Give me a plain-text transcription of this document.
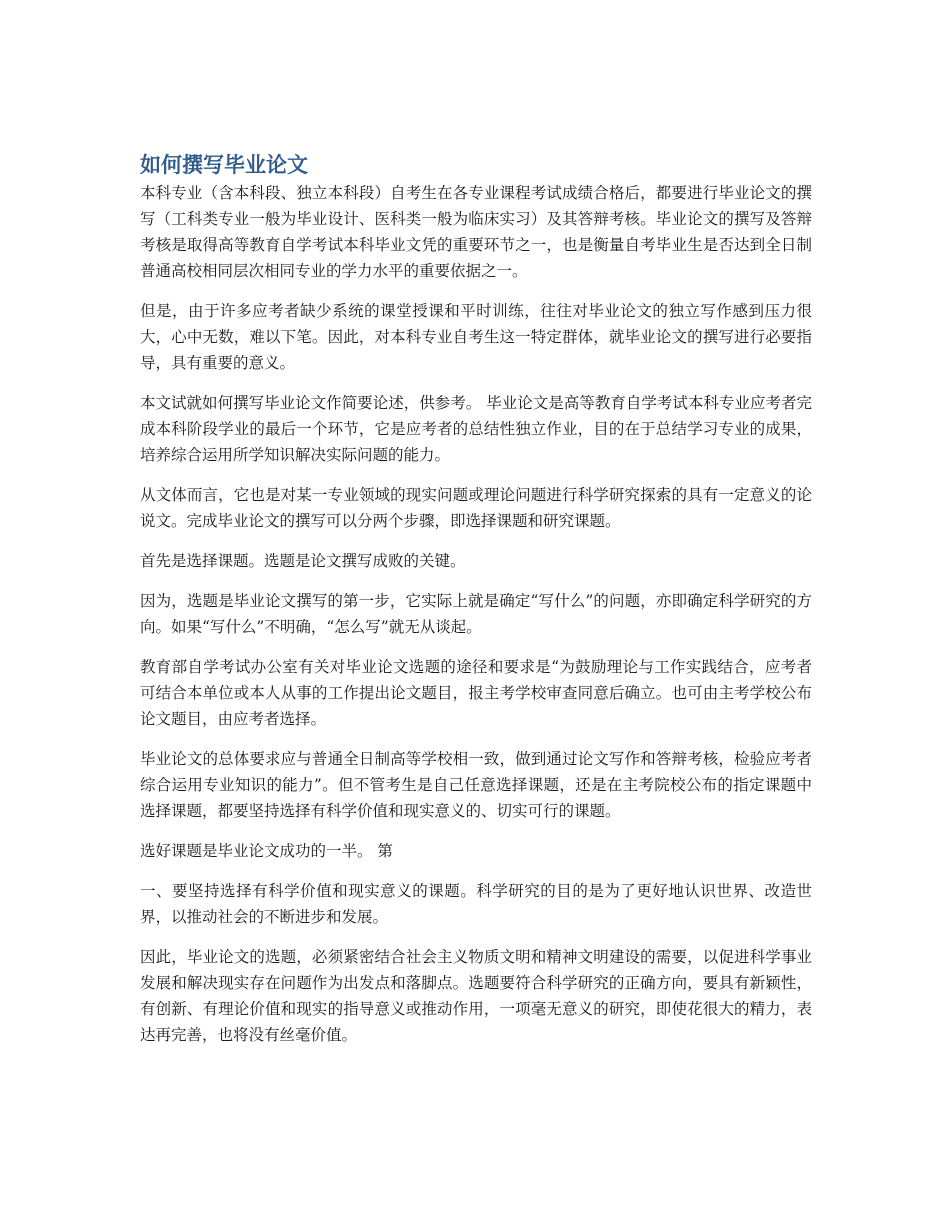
如何撰写毕业论文

本科专业（含本科段、独立本科段）自考生在各专业课程考试成绩合格后，都要进行毕业论文的撰写（工科类专业一般为毕业设计、医科类一般为临床实习）及其答辩考核。毕业论文的撰写及答辩考核是取得高等教育自学考试本科毕业文凭的重要环节之一，也是衡量自考毕业生是否达到全日制普通高校相同层次相同专业的学力水平的重要依据之一。

但是，由于许多应考者缺少系统的课堂授课和平时训练，往往对毕业论文的独立写作感到压力很大，心中无数，难以下笔。因此，对本科专业自考生这一特定群体，就毕业论文的撰写进行必要指导，具有重要的意义。

本文试就如何撰写毕业论文作简要论述，供参考。 毕业论文是高等教育自学考试本科专业应考者完成本科阶段学业的最后一个环节，它是应考者的总结性独立作业，目的在于总结学习专业的成果，培养综合运用所学知识解决实际问题的能力。

从文体而言，它也是对某一专业领域的现实问题或理论问题进行科学研究探索的具有一定意义的论说文。完成毕业论文的撰写可以分两个步骤，即选择课题和研究课题。

首先是选择课题。选题是论文撰写成败的关键。

因为，选题是毕业论文撰写的第一步，它实际上就是确定“写什么”的问题，亦即确定科学研究的方向。如果“写什么”不明确，“怎么写”就无从谈起。

教育部自学考试办公室有关对毕业论文选题的途径和要求是“为鼓励理论与工作实践结合，应考者可结合本单位或本人从事的工作提出论文题目，报主考学校审查同意后确立。也可由主考学校公布论文题目，由应考者选择。

毕业论文的总体要求应与普通全日制高等学校相一致，做到通过论文写作和答辩考核，检验应考者综合运用专业知识的能力”。但不管考生是自己任意选择课题，还是在主考院校公布的指定课题中选择课题，都要坚持选择有科学价值和现实意义的、切实可行的课题。

选好课题是毕业论文成功的一半。 第

一、要坚持选择有科学价值和现实意义的课题。科学研究的目的是为了更好地认识世界、改造世界，以推动社会的不断进步和发展。

因此，毕业论文的选题，必须紧密结合社会主义物质文明和精神文明建设的需要，以促进科学事业发展和解决现实存在问题作为出发点和落脚点。选题要符合科学研究的正确方向，要具有新颖性，有创新、有理论价值和现实的指导意义或推动作用，一项毫无意义的研究，即使花很大的精力，表达再完善，也将没有丝毫价值。
